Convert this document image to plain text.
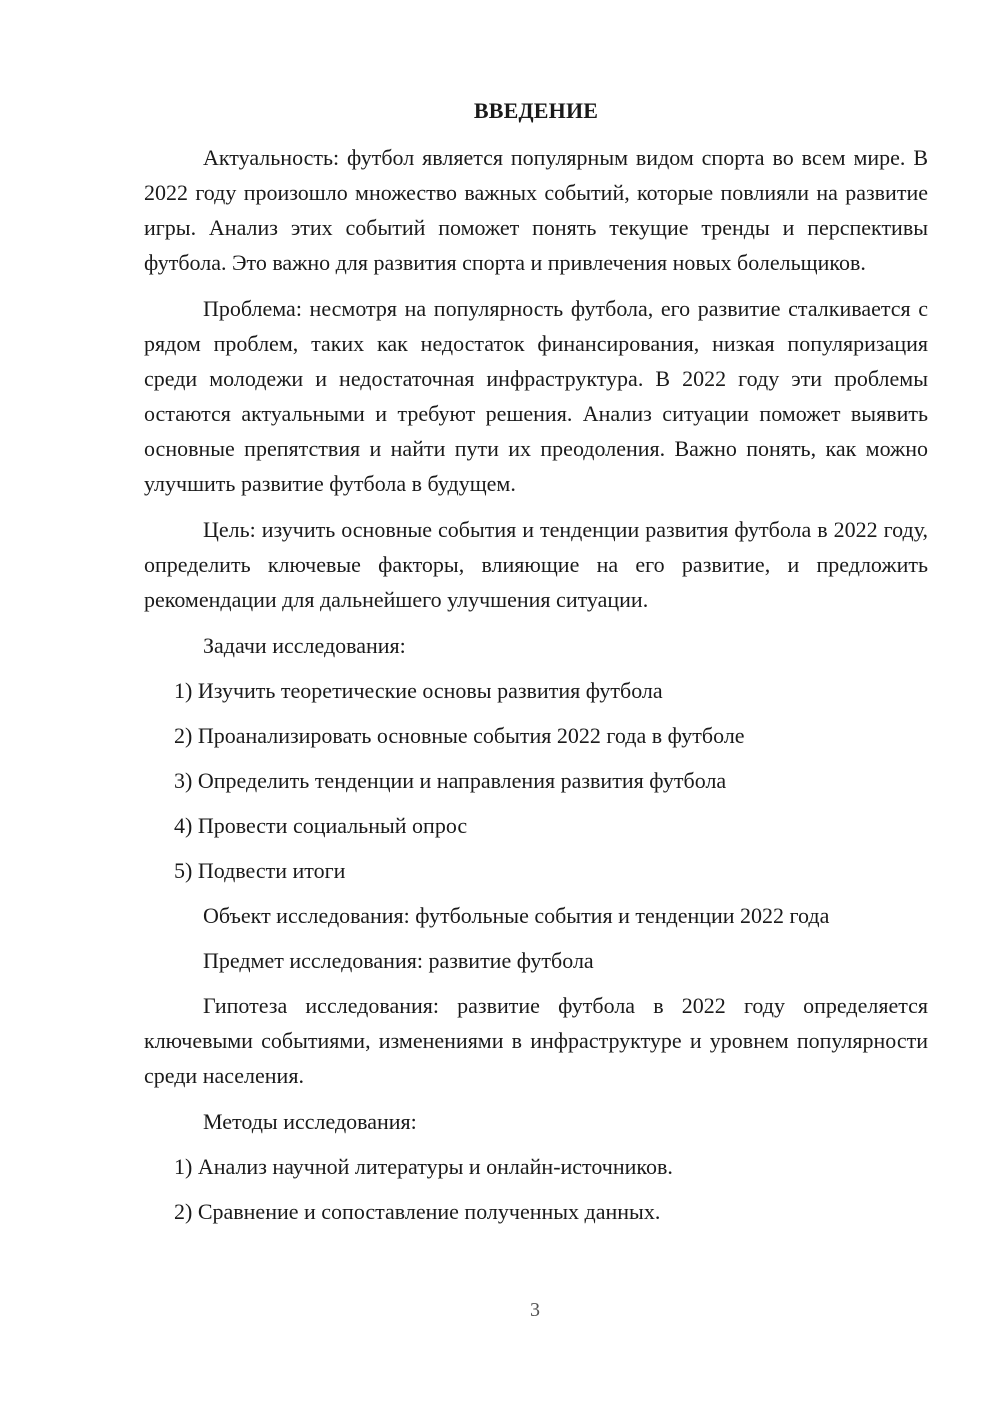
ВВЕДЕНИЕ

Актуальность: футбол является популярным видом спорта во всем мире. В 2022 году произошло множество важных событий, которые повлияли на развитие игры. Анализ этих событий поможет понять текущие тренды и перспективы футбола. Это важно для развития спорта и привлечения новых болельщиков.

Проблема: несмотря на популярность футбола, его развитие сталкивается с рядом проблем, таких как недостаток финансирования, низкая популяризация среди молодежи и недостаточная инфраструктура. В 2022 году эти проблемы остаются актуальными и требуют решения. Анализ ситуации поможет выявить основные препятствия и найти пути их преодоления. Важно понять, как можно улучшить развитие футбола в будущем.

Цель: изучить основные события и тенденции развития футбола в 2022 году, определить ключевые факторы, влияющие на его развитие, и предложить рекомендации для дальнейшего улучшения ситуации.

Задачи исследования:
1) Изучить теоретические основы развития футбола
2) Проанализировать основные события 2022 года в футболе
3) Определить тенденции и направления развития футбола
4) Провести социальный опрос
5) Подвести итоги
Объект исследования: футбольные события и тенденции 2022 года
Предмет исследования: развитие футбола

Гипотеза исследования: развитие футбола в 2022 году определяется ключевыми событиями, изменениями в инфраструктуре и уровнем популярности среди населения.

Методы исследования:
1) Анализ научной литературы и онлайн-источников.
2) Сравнение и сопоставление полученных данных.
3
